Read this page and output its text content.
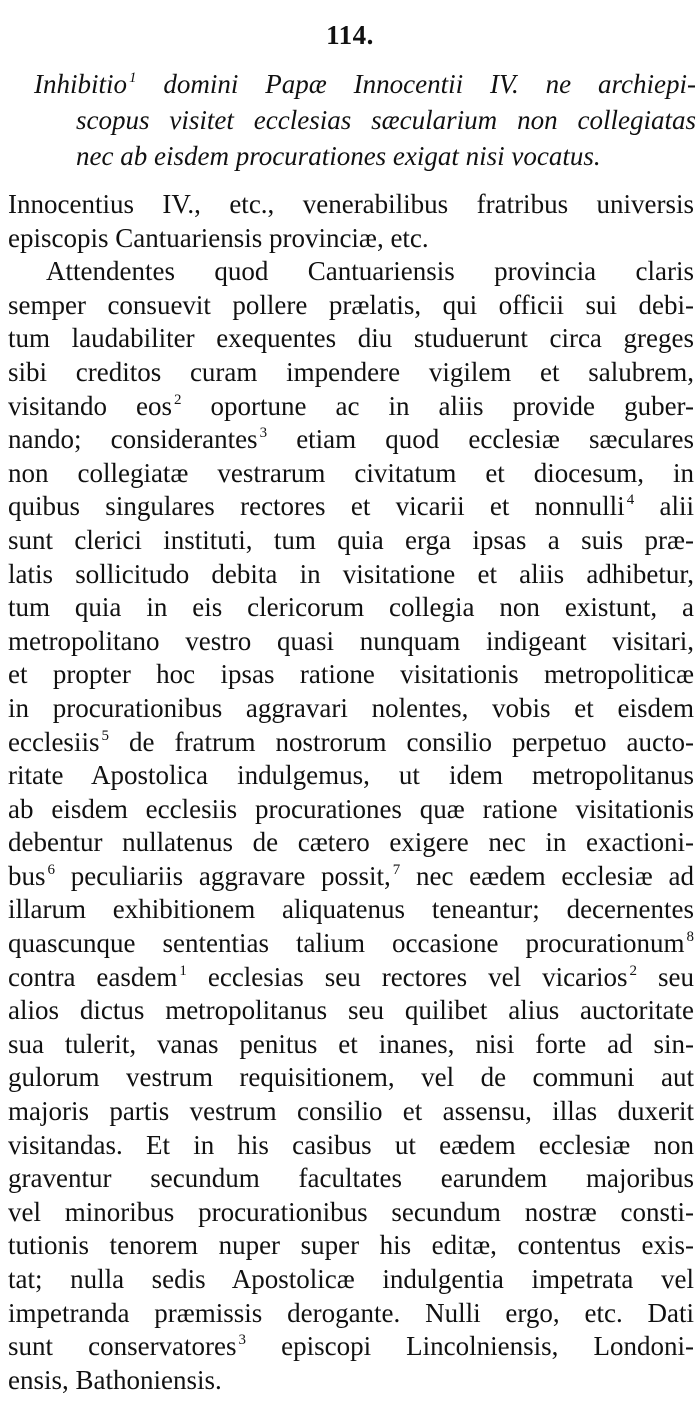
114.
Inhibitio $^1$ domini Papæ Innocentii IV. ne archiepi-
scopus visitet ecclesias sæcularium non collegiatas
nec ab eisdem procurationes exigat nisi vocatus.
Innocentius IV., etc., venerabilibus fratribus universis
episcopis Cantuariensis provinciæ, etc.
Attendentes quod Cantuariensis provincia claris
semper consuevit pollere prælatis, qui officii sui debi-
tum laudabiliter exequentes diu studuerunt circa greges
sibi creditos curam impendere vigilem et salubrem,
visitando eos $^2$ oportune ac in aliis provide guber-
nando; considerantes $^3$ etiam quod ecclesiæ sæculares
non collegiatæ vestrarum civitatum et diocesum, in
quibus singulares rectores et vicarii et nonnulli $^4$ alii
sunt clerici instituti, tum quia erga ipsas a suis præ-
latis sollicitudo debita in visitatione et aliis adhibetur,
tum quia in eis clericorum collegia non existunt, a
metropolitano vestro quasi nunquam indigeant visitari,
et propter hoc ipsas ratione visitationis metropoliticæ
in procurationibus aggravari nolentes, vobis et eisdem
ecclesiis $^5$ de fratrum nostrorum consilio perpetuo aucto-
ritate Apostolica indulgemus, ut idem metropolitanus
ab eisdem ecclesiis procurationes quæ ratione visitationis
debentur nullatenus de cætero exigere nec in exactioni-
bus $^6$ peculiariis aggravare possit, $^7$ nec eædem ecclesiæ ad
illarum exhibitionem aliquatenus teneantur; decernentes
quascunque sententias talium occasione procurationum $^8$
contra easdem $^1$ ecclesias seu rectores vel vicarios $^2$ seu
alios dictus metropolitanus seu quilibet alius auctoritate
sua tulerit, vanas penitus et inanes, nisi forte ad sin-
gulorum vestrum requisitionem, vel de communi aut
majoris partis vestrum consilio et assensu, illas duxerit
visitandas. Et in his casibus ut eædem ecclesiæ non
graventur secundum facultates earundem majoribus
vel minoribus procurationibus secundum nostræ consti-
tutionis tenorem nuper super his editæ, contentus exis-
tat; nulla sedis Apostolicæ indulgentia impetrata vel
impetranda præmissis derogante. Nulli ergo, etc. Dati
sunt conservatores $^3$ episcopi Lincolniensis, Londoni-
ensis, Bathoniensis.
